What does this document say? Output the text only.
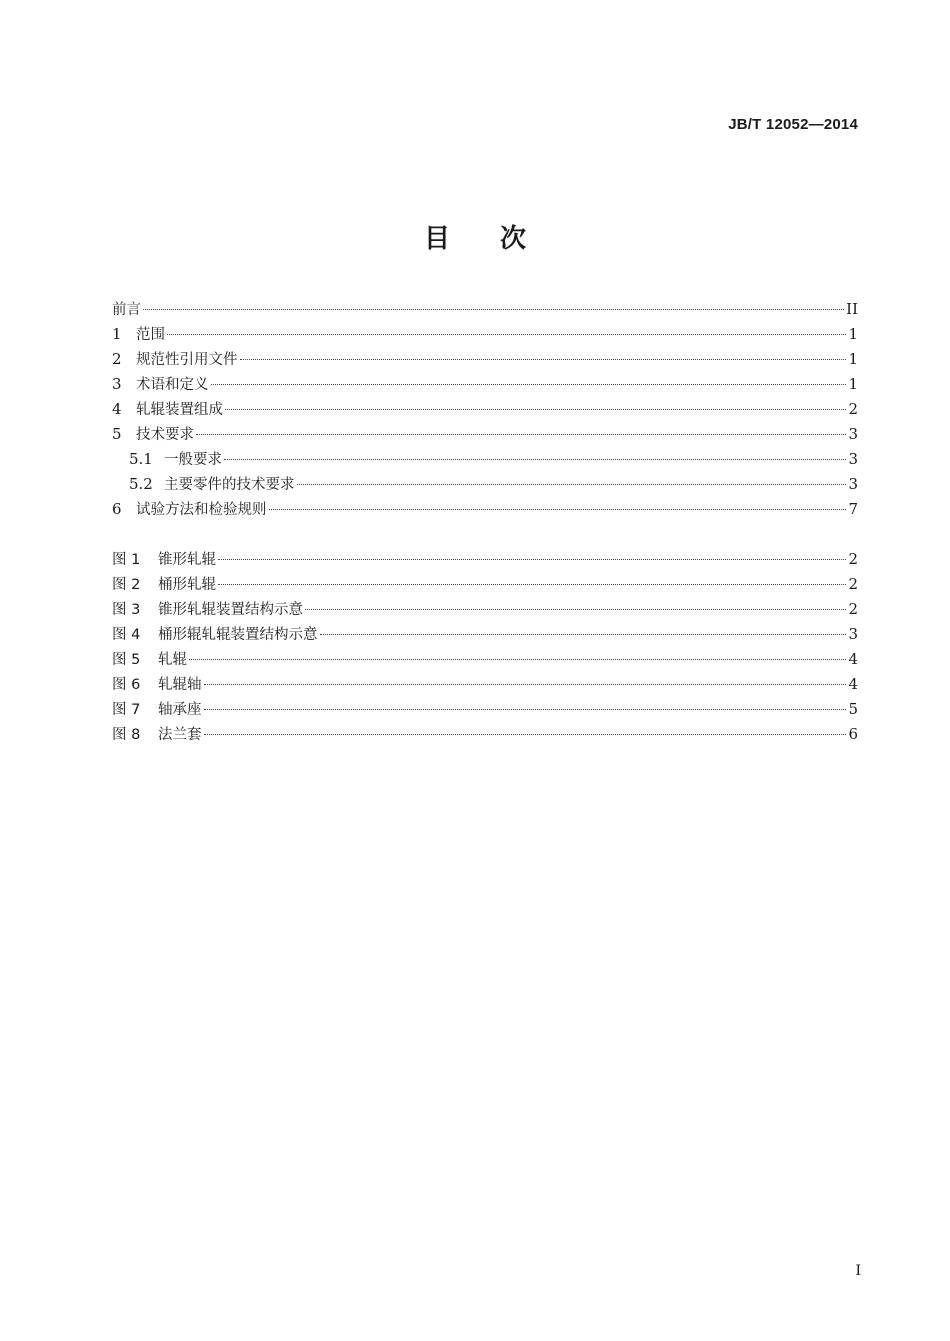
JB/T 12052—2014
目 次
前言	II
1 范围	1
2 规范性引用文件	1
3 术语和定义	1
4 轧辊装置组成	2
5 技术要求	3
5.1 一般要求	3
5.2 主要零件的技术要求	3
6 试验方法和检验规则	7
图 1	锥形轧辊	2
图 2	桶形轧辊	2
图 3	锥形轧辊装置结构示意	2
图 4	桶形辊轧辊装置结构示意	3
图 5	轧辊	4
图 6	轧辊轴	4
图 7	轴承座	5
图 8	法兰套	6
I
